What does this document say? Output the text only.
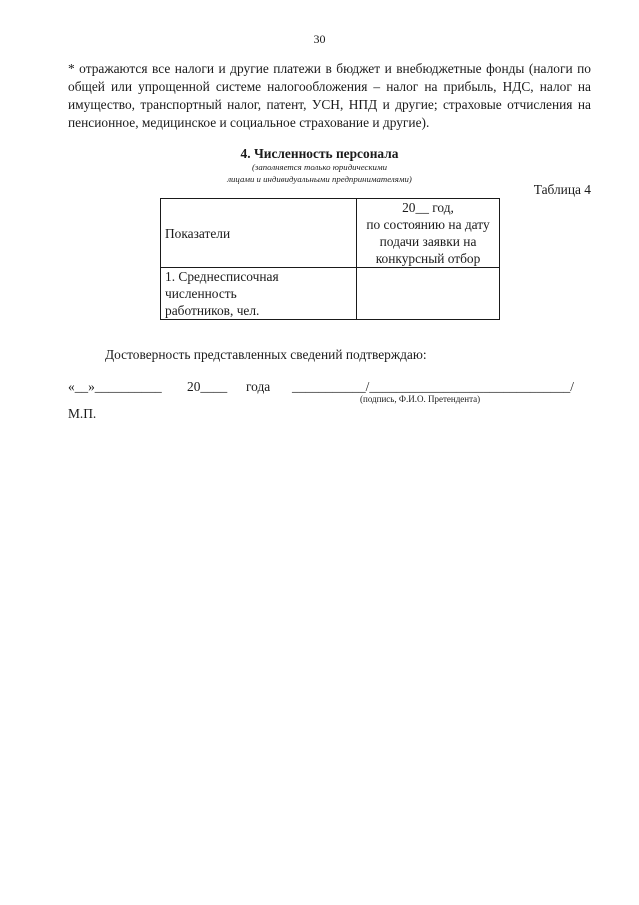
30
* отражаются все налоги и другие платежи в бюджет и внебюджетные фонды (налоги по общей или упрощенной системе налогообложения – налог на прибыль, НДС, налог на имущество, транспортный налог, патент, УСН, НПД и другие; страховые отчисления на пенсионное, медицинское и социальное страхование и другие).
4. Численность персонала
(заполняется только юридическими
лицами и индивидуальными предпринимателями)
Таблица 4
Показатели	20__ год,
по состоянию на дату
подачи заявки на
конкурсный отбор

1. Среднесписочная
численность
работников, чел.	

Достоверность представленных сведений подтверждаю:
«__»__________ 20____ года ___________/______________________________/
(подпись, Ф.И.О. Претендента)
М.П.
